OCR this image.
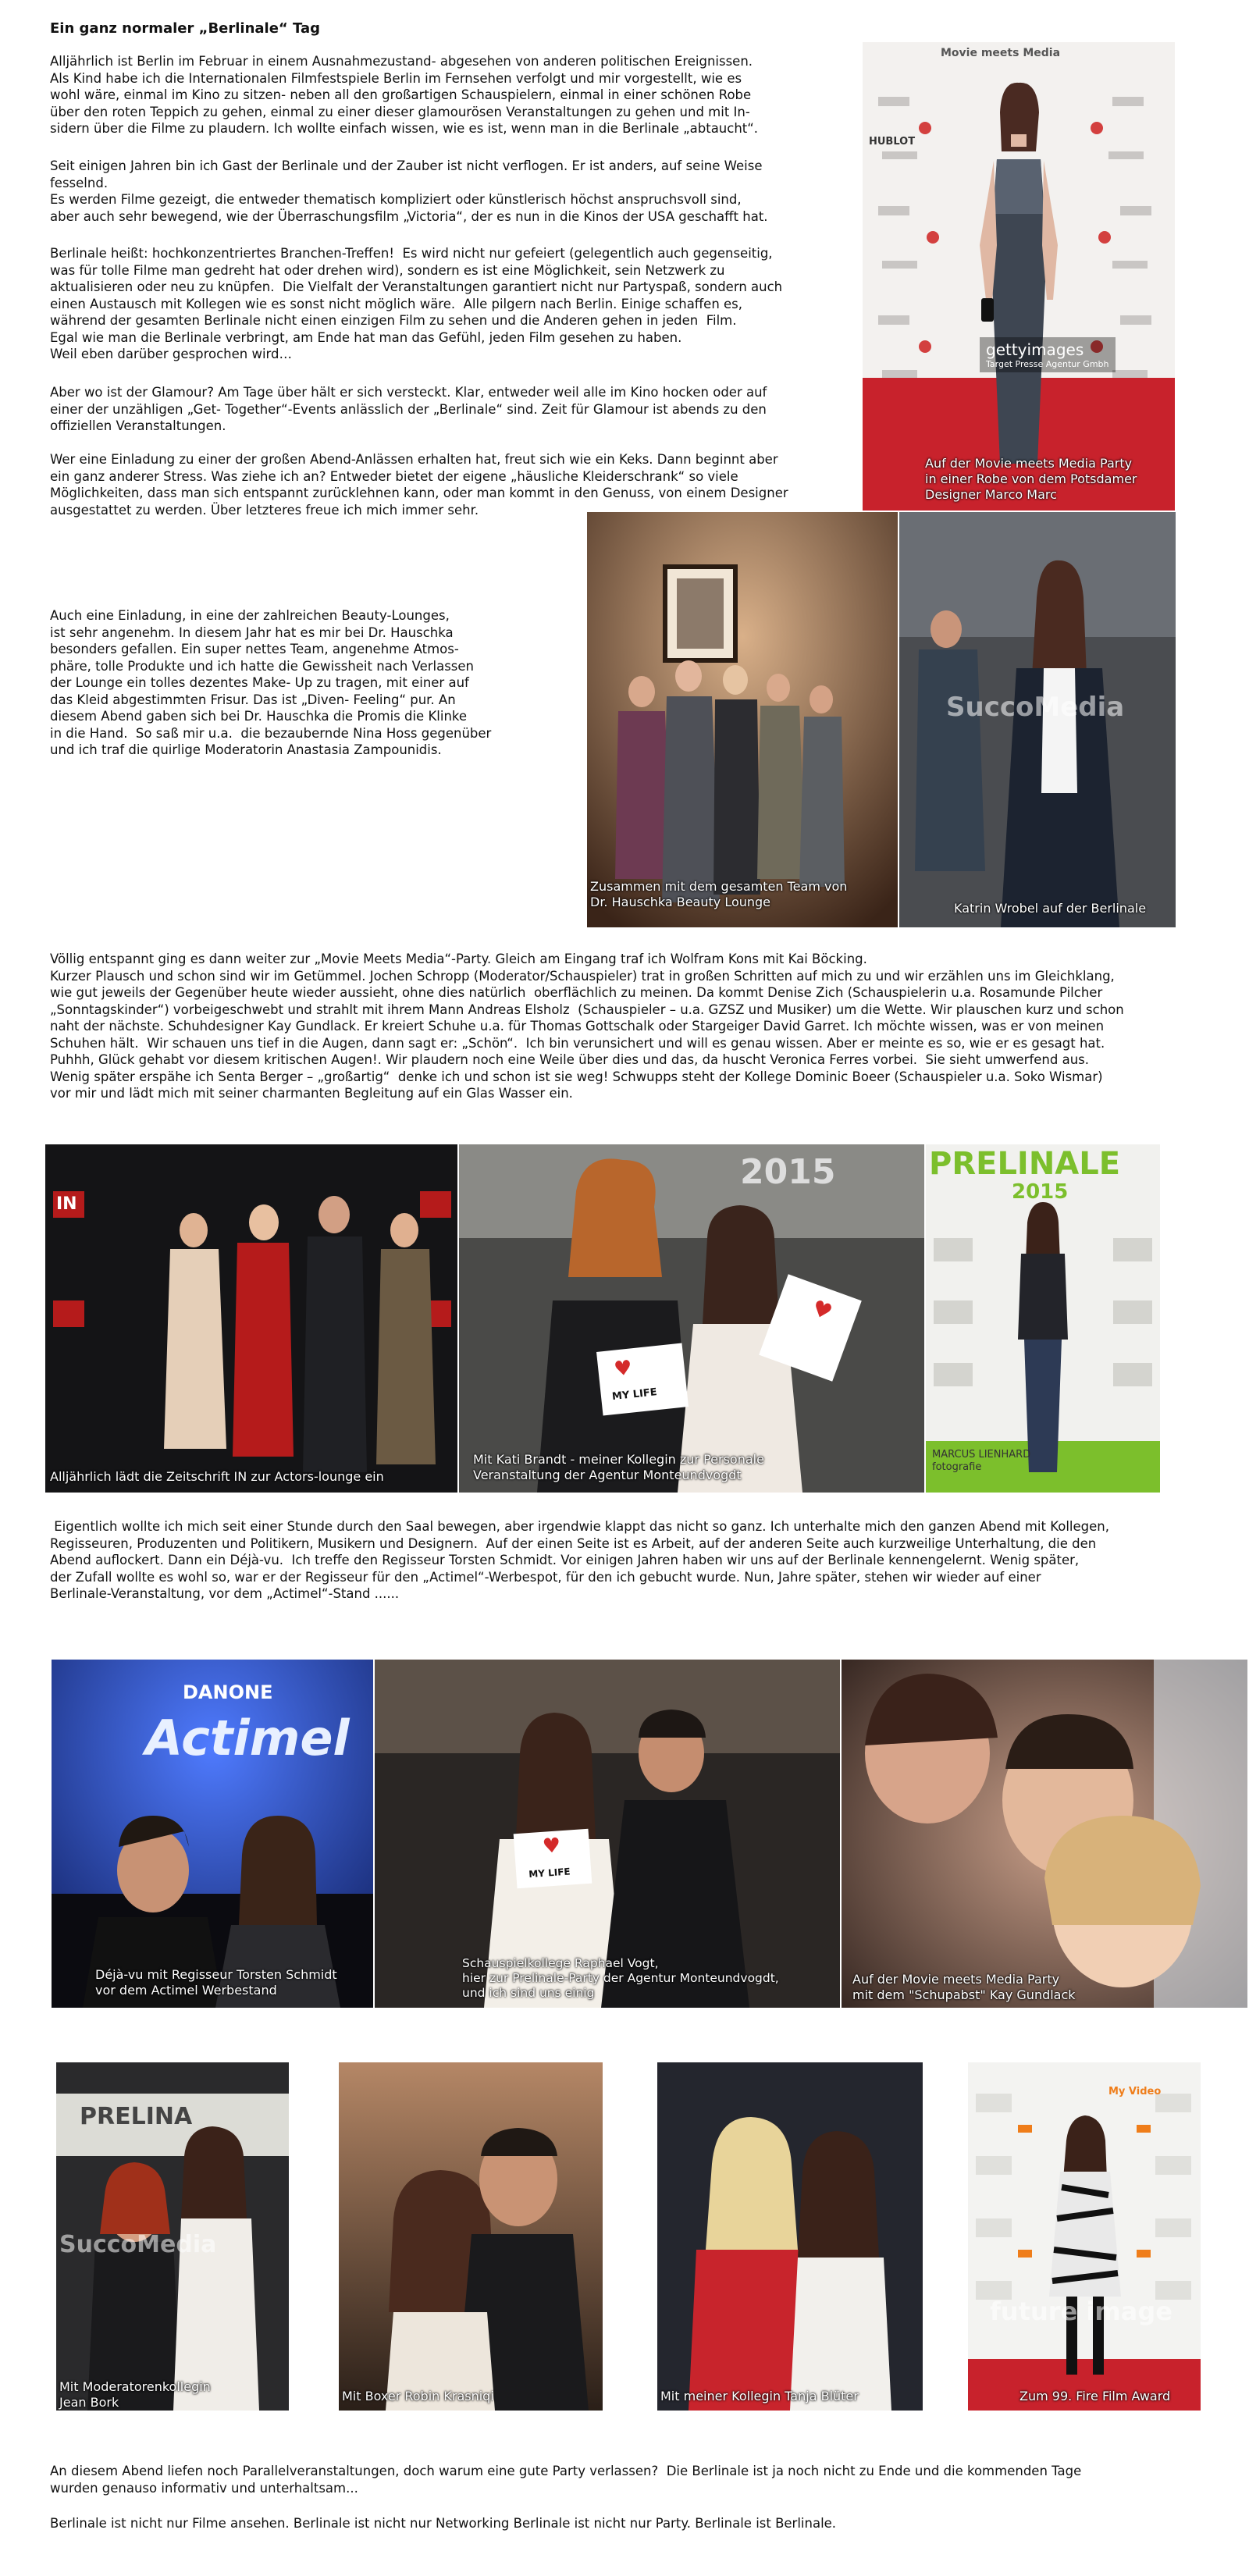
Ein ganz normaler „Berlinale“ Tag
Alljährlich ist Berlin im Februar in einem Ausnahmezustand- abgesehen von anderen politischen Ereignissen.
Als Kind habe ich die Internationalen Filmfestspiele Berlin im Fernsehen verfolgt und mir vorgestellt, wie es
wohl wäre, einmal im Kino zu sitzen- neben all den großartigen Schauspielern, einmal in einer schönen Robe
über den roten Teppich zu gehen, einmal zu einer dieser glamourösen Veranstaltungen zu gehen und mit In-
sidern über die Filme zu plaudern. Ich wollte einfach wissen, wie es ist, wenn man in die Berlinale „abtaucht“.
Seit einigen Jahren bin ich Gast der Berlinale und der Zauber ist nicht verflogen. Er ist anders, auf seine Weise
fesselnd.
Es werden Filme gezeigt, die entweder thematisch kompliziert oder künstlerisch höchst anspruchsvoll sind,
aber auch sehr bewegend, wie der Überraschungsfilm „Victoria“, der es nun in die Kinos der USA geschafft hat.
Berlinale heißt: hochkonzentriertes Branchen-Treffen!  Es wird nicht nur gefeiert (gelegentlich auch gegenseitig,
was für tolle Filme man gedreht hat oder drehen wird), sondern es ist eine Möglichkeit, sein Netzwerk zu
aktualisieren oder neu zu knüpfen.  Die Vielfalt der Veranstaltungen garantiert nicht nur Partyspaß, sondern auch
einen Austausch mit Kollegen wie es sonst nicht möglich wäre.  Alle pilgern nach Berlin. Einige schaffen es,
während der gesamten Berlinale nicht einen einzigen Film zu sehen und die Anderen gehen in jeden  Film.
Egal wie man die Berlinale verbringt, am Ende hat man das Gefühl, jeden Film gesehen zu haben.
Weil eben darüber gesprochen wird…
Aber wo ist der Glamour? Am Tage über hält er sich versteckt. Klar, entweder weil alle im Kino hocken oder auf
einer der unzähligen „Get- Together“-Events anlässlich der „Berlinale“ sind. Zeit für Glamour ist abends zu den
offiziellen Veranstaltungen.
Wer eine Einladung zu einer der großen Abend-Anlässen erhalten hat, freut sich wie ein Keks. Dann beginnt aber
ein ganz anderer Stress. Was ziehe ich an? Entweder bietet der eigene „häusliche Kleiderschrank“ so viele
Möglichkeiten, dass man sich entspannt zurücklehnen kann, oder man kommt in den Genuss, von einem Designer
ausgestattet zu werden. Über letzteres freue ich mich immer sehr.
Auch eine Einladung, in eine der zahlreichen Beauty-Lounges,
ist sehr angenehm. In diesem Jahr hat es mir bei Dr. Hauschka
besonders gefallen. Ein super nettes Team, angenehme Atmos-
phäre, tolle Produkte und ich hatte die Gewissheit nach Verlassen
der Lounge ein tolles dezentes Make- Up zu tragen, mit einer auf
das Kleid abgestimmten Frisur. Das ist „Diven- Feeling“ pur. An
diesem Abend gaben sich bei Dr. Hauschka die Promis die Klinke
in die Hand.  So saß mir u.a.  die bezaubernde Nina Hoss gegenüber
und ich traf die quirlige Moderatorin Anastasia Zampounidis.
Völlig entspannt ging es dann weiter zur „Movie Meets Media“-Party. Gleich am Eingang traf ich Wolfram Kons mit Kai Böcking.
Kurzer Plausch und schon sind wir im Getümmel. Jochen Schropp (Moderator/Schauspieler) trat in großen Schritten auf mich zu und wir erzählen uns im Gleichklang,
wie gut jeweils der Gegenüber heute wieder aussieht, ohne dies natürlich  oberflächlich zu meinen. Da kommt Denise Zich (Schauspielerin u.a. Rosamunde Pilcher
„Sonntagskinder“) vorbeigeschwebt und strahlt mit ihrem Mann Andreas Elsholz  (Schauspieler – u.a. GZSZ und Musiker) um die Wette. Wir plauschen kurz und schon
naht der nächste. Schuhdesigner Kay Gundlack. Er kreiert Schuhe u.a. für Thomas Gottschalk oder Stargeiger David Garret. Ich möchte wissen, was er von meinen
Schuhen hält.  Wir schauen uns tief in die Augen, dann sagt er: „Schön“.  Ich bin verunsichert und will es genau wissen. Aber er meinte es so, wie er es gesagt hat.
Puhhh, Glück gehabt vor diesem kritischen Augen!. Wir plaudern noch eine Weile über dies und das, da huscht Veronica Ferres vorbei.  Sie sieht umwerfend aus.
Wenig später erspähe ich Senta Berger – „großartig“  denke ich und schon ist sie weg! Schwupps steht der Kollege Dominic Boeer (Schauspieler u.a. Soko Wismar)
vor mir und lädt mich mit seiner charmanten Begleitung auf ein Glas Wasser ein.
Eigentlich wollte ich mich seit einer Stunde durch den Saal bewegen, aber irgendwie klappt das nicht so ganz. Ich unterhalte mich den ganzen Abend mit Kollegen,
Regisseuren, Produzenten und Politikern, Musikern und Designern.  Auf der einen Seite ist es Arbeit, auf der anderen Seite auch kurzweilige Unterhaltung, die den
Abend auflockert. Dann ein Déjà-vu.  Ich treffe den Regisseur Torsten Schmidt. Vor einigen Jahren haben wir uns auf der Berlinale kennengelernt. Wenig später,
der Zufall wollte es wohl so, war er der Regisseur für den „Actimel“-Werbespot, für den ich gebucht wurde. Nun, Jahre später, stehen wir wieder auf einer
Berlinale-Veranstaltung, vor dem „Actimel“-Stand ......
An diesem Abend liefen noch Parallelveranstaltungen, doch warum eine gute Party verlassen?  Die Berlinale ist ja noch nicht zu Ende und die kommenden Tage
wurden genauso informativ und unterhaltsam...
Berlinale ist nicht nur Filme ansehen. Berlinale ist nicht nur Networking Berlinale ist nicht nur Party. Berlinale ist Berlinale.
Movie meets Media
HUBLOT
gettyimages
Target Presse Agentur Gmbh
Auf der Movie meets Media Party
in einer Robe von dem Potsdamer
Designer Marco Marc
Zusammen mit dem gesamten Team von
Dr. Hauschka Beauty Lounge
SuccoMedia
Katrin Wrobel auf der Berlinale
IN
Alljährlich lädt die Zeitschrift IN zur Actors-lounge ein
2015
♥
MY LIFE
♥
Mit Kati Brandt - meiner Kollegin zur Personale
Veranstaltung der Agentur Monteundvogdt
PRELINALE
2015
MARCUS LIENHARD
fotografie
DANONE
Actimel
Déjà-vu mit Regisseur Torsten Schmidt
vor dem Actimel Werbestand
♥
MY LIFE
Schauspielkollege Raphael Vogt,
hier zur Prelinale-Party der Agentur Monteundvogdt,
und ich sind uns einig
Auf der Movie meets Media Party
mit dem "Schupabst" Kay Gundlack
PRELINA
SuccoMedia
Mit Moderatorenkollegin
Jean Bork	Mit Boxer Robin Krasniqi	Mit meiner Kollegin Tanja Blüter
My Video
future image
Zum 99. Fire Film Award
